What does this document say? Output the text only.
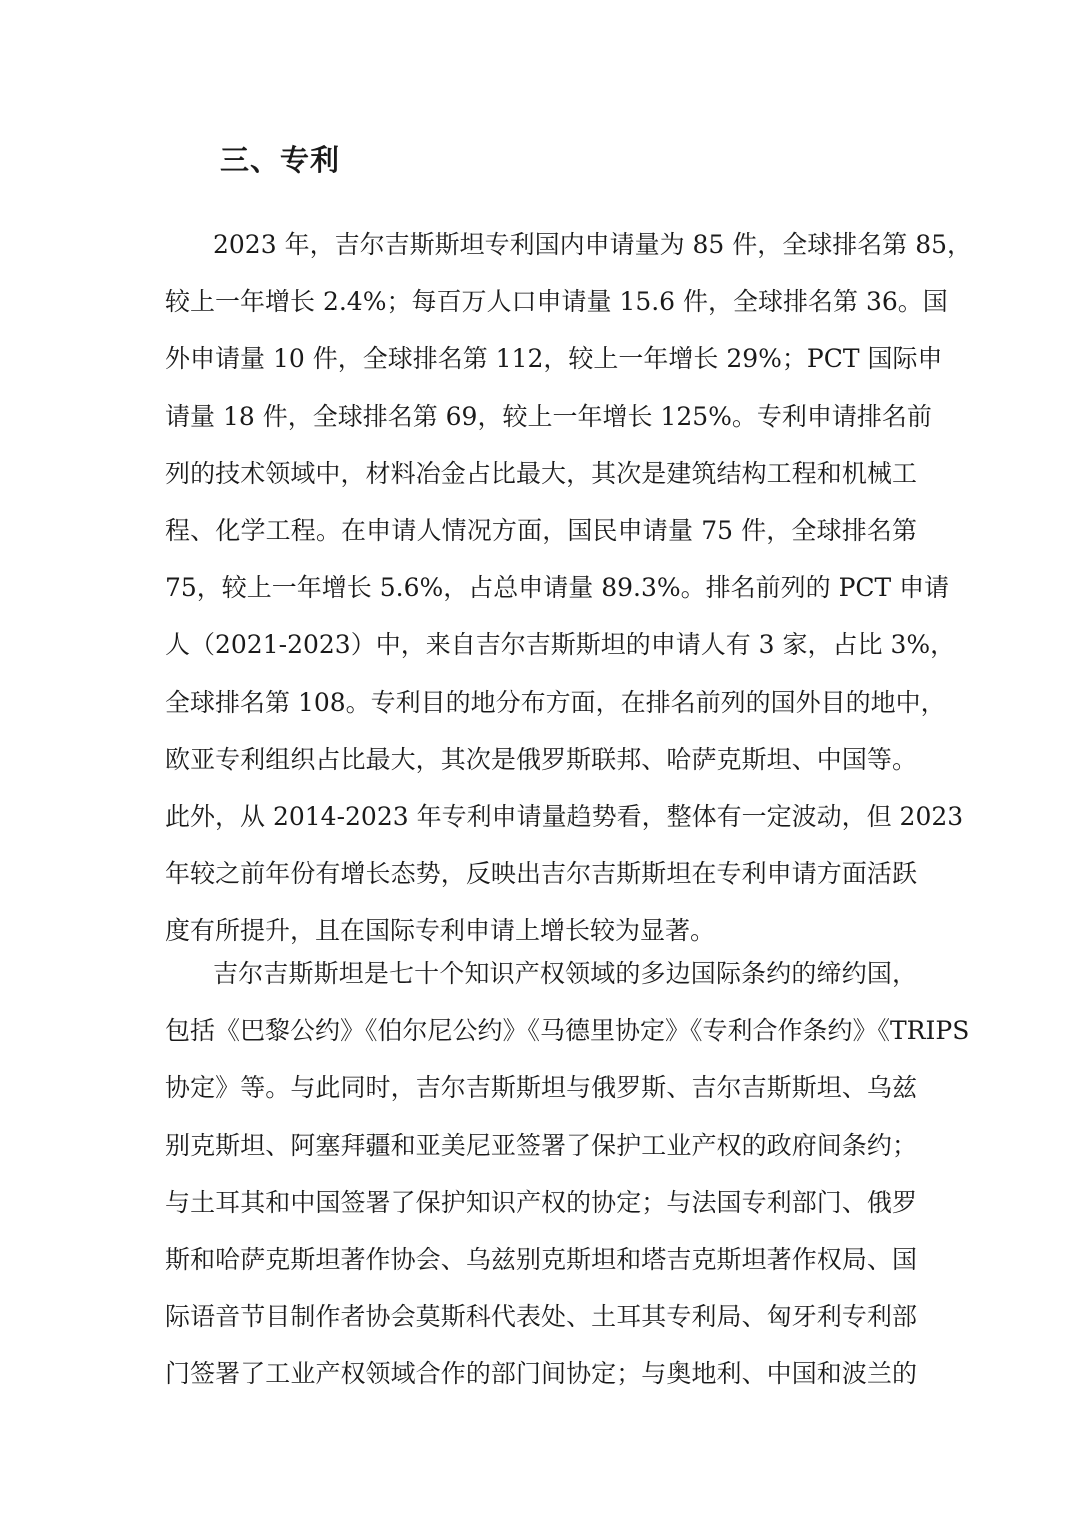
三、专利
2023 年，吉尔吉斯斯坦专利国内申请量为 85 件，全球排名第 85，
较上一年增长 2.4%；每百万人口申请量 15.6 件，全球排名第 36。国
外申请量 10 件，全球排名第 112，较上一年增长 29%；PCT 国际申
请量 18 件，全球排名第 69，较上一年增长 125%。专利申请排名前
列的技术领域中，材料冶金占比最大，其次是建筑结构工程和机械工
程、化学工程。在申请人情况方面，国民申请量 75 件，全球排名第
75，较上一年增长 5.6%，占总申请量 89.3%。排名前列的 PCT 申请
人（2021-2023）中，来自吉尔吉斯斯坦的申请人有 3 家，占比 3%，
全球排名第 108。专利目的地分布方面，在排名前列的国外目的地中，
欧亚专利组织占比最大，其次是俄罗斯联邦、哈萨克斯坦、中国等。
此外，从 2014-2023 年专利申请量趋势看，整体有一定波动，但 2023
年较之前年份有增长态势，反映出吉尔吉斯斯坦在专利申请方面活跃
度有所提升，且在国际专利申请上增长较为显著。
吉尔吉斯斯坦是七十个知识产权领域的多边国际条约的缔约国，
包括《巴黎公约》《伯尔尼公约》《马德里协定》《专利合作条约》《TRIPS
协定》等。与此同时，吉尔吉斯斯坦与俄罗斯、吉尔吉斯斯坦、乌兹
别克斯坦、阿塞拜疆和亚美尼亚签署了保护工业产权的政府间条约；
与土耳其和中国签署了保护知识产权的协定；与法国专利部门、俄罗
斯和哈萨克斯坦著作协会、乌兹别克斯坦和塔吉克斯坦著作权局、国
际语音节目制作者协会莫斯科代表处、土耳其专利局、匈牙利专利部
门签署了工业产权领域合作的部门间协定；与奥地利、中国和波兰的
